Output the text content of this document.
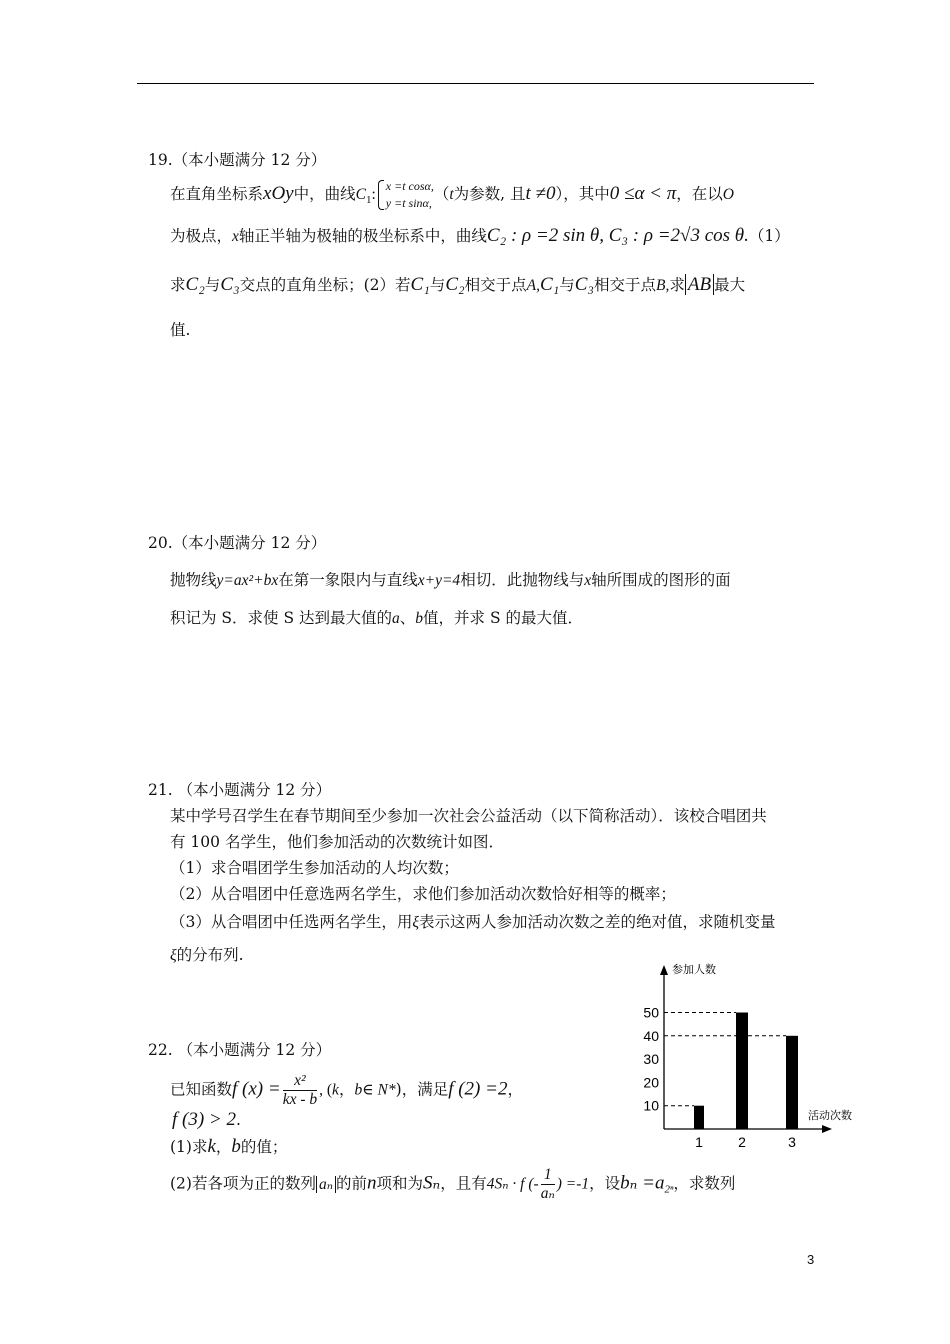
19.（本小题满分 12 分）
在直角坐标系xOy中，曲线$C_1$: x =t cosα,
y =t sinα, （t为参数, 且t ≠0），其中0 ≤α < π，在以O
为极点，x轴正半轴为极轴的极坐标系中，曲线C₂ : ρ =2 sin θ, C₃ : ρ =2√3 cos θ.（1）
求C₂与C₃交点的直角坐标；(2）若C₁与C₂相交于点A,C₁与C₃相交于点B,求 AB 最大
值.
20.（本小题满分 12 分）
抛物线y=ax²+bx在第一象限内与直线x+y=4相切．此抛物线与x轴所围成的图形的面
积记为 S．求使 S 达到最大值的a、b值，并求 S 的最大值．
21. （本小题满分 12 分）
某中学号召学生在春节期间至少参加一次社会公益活动（以下简称活动）．该校合唱团共
有 100 名学生，他们参加活动的次数统计如图．
（1）求合唱团学生参加活动的人均次数；
（2）从合唱团中任意选两名学生，求他们参加活动次数恰好相等的概率；
（3）从合唱团中任选两名学生，用ξ表示这两人参加活动次数之差的绝对值，求随机变量
ξ的分布列.
参加人数
活动次数
50
40
30
20
10
1	2	3
22. （本小题满分 12 分）
已知函数f $(x) = \frac{\text{x²}}{kx - b}$ , (k，b∈ N*)，满足f (2) =2，
f (3) > 2.
(1)求k，b的值；
(2)若各项为正的数列 aₙ 的前n项和为Sₙ，且有4Sₙ · f (- $\frac{1}{\text{aₙ}}$ ) =-1，设$b_n =a_{2^n}$，求数列
3
